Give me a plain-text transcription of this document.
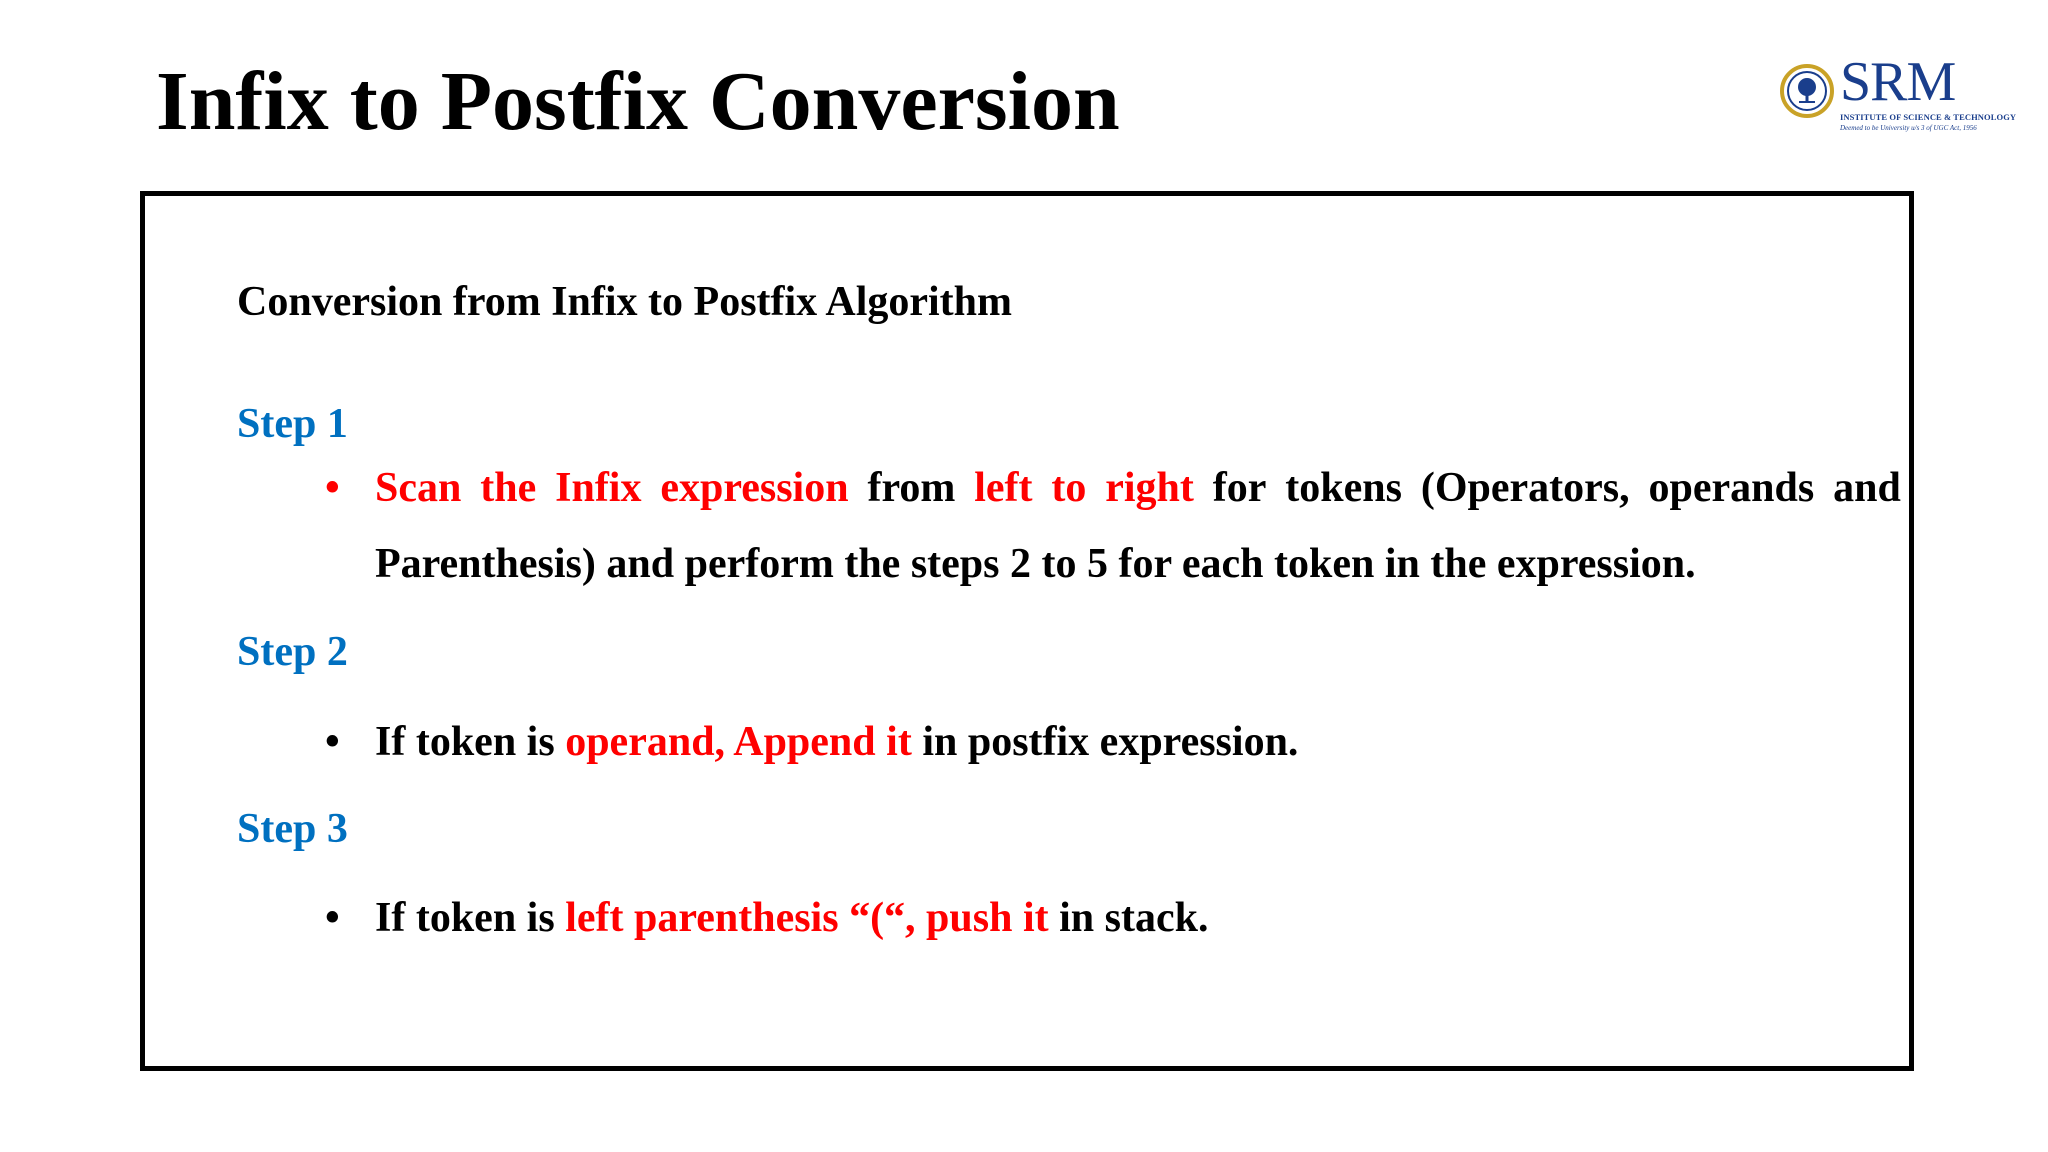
Infix to Postfix Conversion	SRM
INSTITUTE OF SCIENCE & TECHNOLOGY
Deemed to be University u/s 3 of UGC Act, 1956
Conversion from Infix to Postfix Algorithm
Step 1
• Scan the Infix expression from left to right for tokens (Operators, operands and
Parenthesis) and perform the steps 2 to 5 for each token in the expression.
Step 2
• If token is operand, Append it in postfix expression.
Step 3
• If token is left parenthesis “(“, push it in stack.
